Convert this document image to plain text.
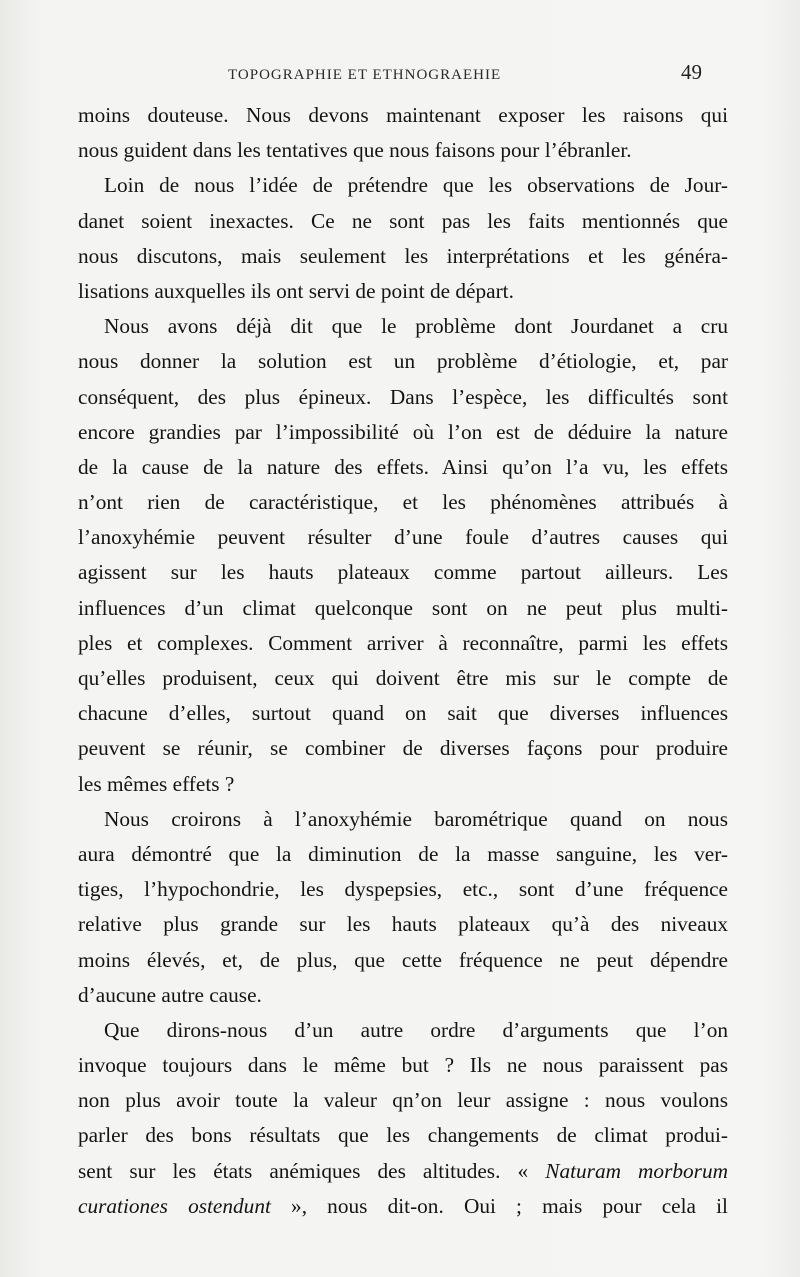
TOPOGRAPHIE ET ETHNOGRAEHIE	49

moins douteuse. Nous devons maintenant exposer les raisons qui
nous guident dans les tentatives que nous faisons pour l’ébranler.

Loin de nous l’idée de prétendre que les observations de Jour-
danet soient inexactes. Ce ne sont pas les faits mentionnés que
nous discutons, mais seulement les interprétations et les généra-
lisations auxquelles ils ont servi de point de départ.

Nous avons déjà dit que le problème dont Jourdanet a cru
nous donner la solution est un problème d’étiologie, et, par
conséquent, des plus épineux. Dans l’espèce, les difficultés sont
encore grandies par l’impossibilité où l’on est de déduire la nature
de la cause de la nature des effets. Ainsi qu’on l’a vu, les effets
n’ont rien de caractéristique, et les phénomènes attribués à
l’anoxyhémie peuvent résulter d’une foule d’autres causes qui
agissent sur les hauts plateaux comme partout ailleurs. Les
influences d’un climat quelconque sont on ne peut plus multi-
ples et complexes. Comment arriver à reconnaître, parmi les effets
qu’elles produisent, ceux qui doivent être mis sur le compte de
chacune d’elles, surtout quand on sait que diverses influences
peuvent se réunir, se combiner de diverses façons pour produire
les mêmes effets ?

Nous croirons à l’anoxyhémie barométrique quand on nous
aura démontré que la diminution de la masse sanguine, les ver-
tiges, l’hypochondrie, les dyspepsies, etc., sont d’une fréquence
relative plus grande sur les hauts plateaux qu’à des niveaux
moins élevés, et, de plus, que cette fréquence ne peut dépendre
d’aucune autre cause.

Que dirons-nous d’un autre ordre d’arguments que l’on
invoque toujours dans le même but ? Ils ne nous paraissent pas
non plus avoir toute la valeur qn’on leur assigne : nous voulons
parler des bons résultats que les changements de climat produi-
sent sur les états anémiques des altitudes. « Naturam morborum
curationes ostendunt », nous dit-on. Oui ; mais pour cela il
